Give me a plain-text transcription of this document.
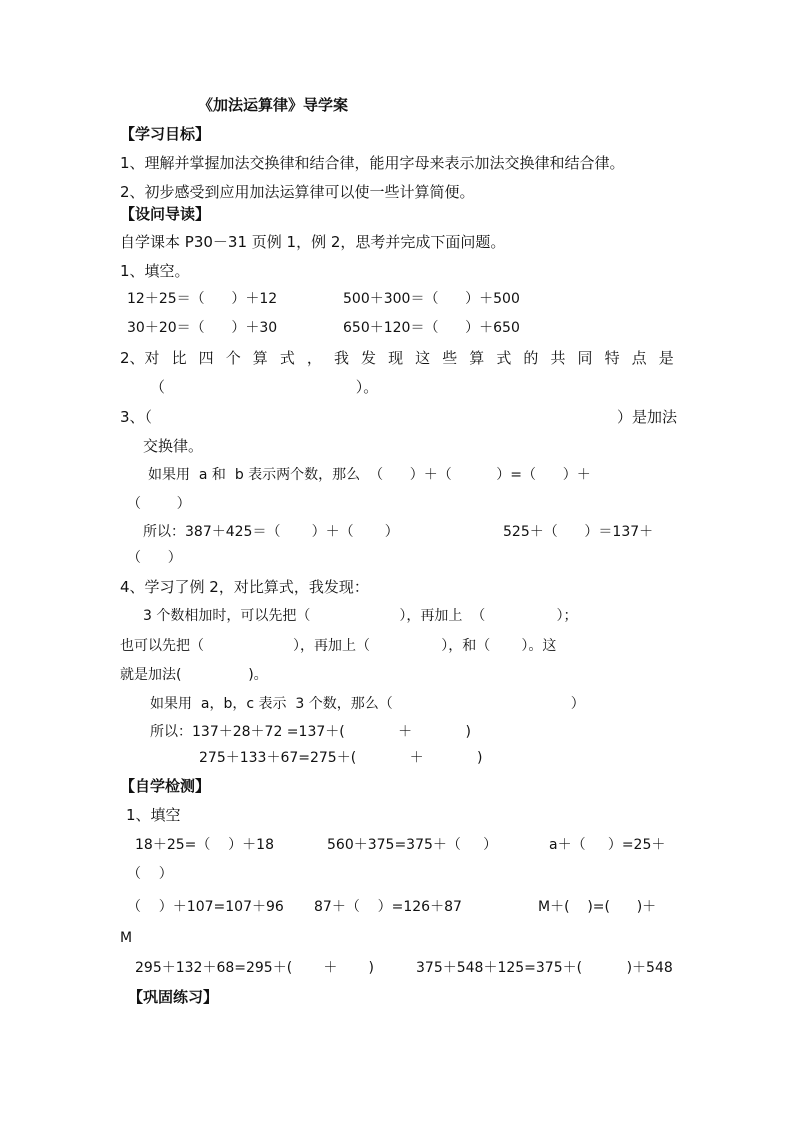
《加法运算律》导学案
【学习目标】
1、理解并掌握加法交换律和结合律，能用字母来表示加法交换律和结合律。
2、初步感受到应用加法运算律可以使一些计算简便。
【设问导读】
自学课本 P30－31 页例 1，例 2，思考并完成下面问题。
1、填空。
12＋25＝（      ）＋12	500＋300＝（      ）＋500
30＋20＝（      ）＋30	650＋120＝（      ）＋650
2、对 比 四 个 算 式 ， 我 发 现 这 些 算 式 的 共 同 特 点 是
（                                        ）。
3、（	）是加法
交换律。
如果用  a 和  b 表示两个数，那么  （      ）＋（          ）=（      ）＋
（        ）
所以：387＋425＝（       ）＋（       ）	525＋（      ）＝137＋
（      ）
4、学习了例 2，对比算式，我发现：
3 个数相加时，可以先把（                    ），再加上  （                ）；
也可以先把（                    ），再加上（                ），和（       ）。这
就是加法(               )。
如果用  a，b，c 表示  3 个数，那么（                                        ）
所以：137＋28＋72 =137＋(            ＋            )
275＋133＋67=275＋(            ＋            )
【自学检测】
1、填空
18＋25=（    ）＋18	560＋375=375＋（     ）	a＋（     ）=25＋
（    ）
（    ）＋107=107＋96 87＋（    ）=126＋87	M＋(    )=(      )＋
M
295＋132＋68=295＋(       ＋       )	375＋548＋125=375＋(          )＋548
【巩固练习】
